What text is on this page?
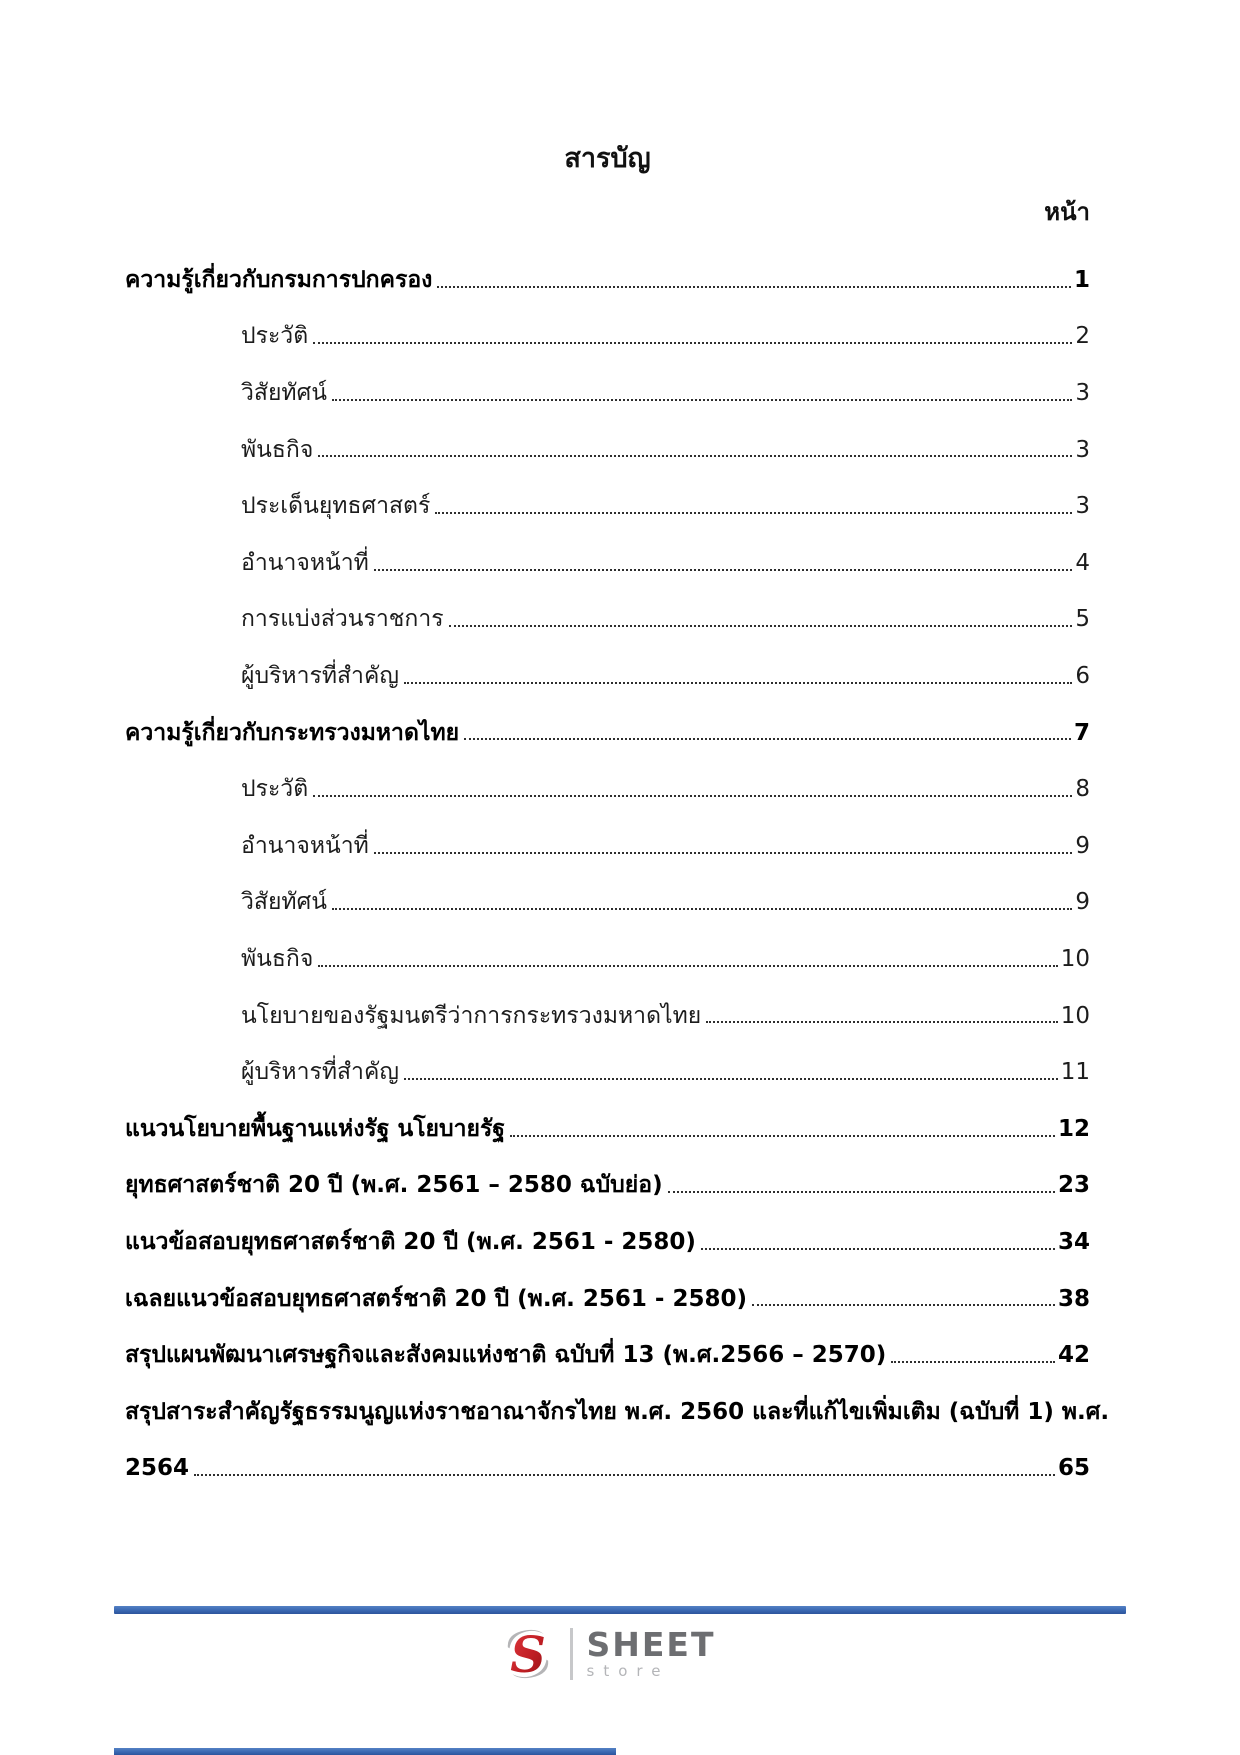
สารบัญ
หน้า
ความรู้เกี่ยวกับกรมการปกครอง	1
ประวัติ	2
วิสัยทัศน์	3
พันธกิจ	3
ประเด็นยุทธศาสตร์	3
อำนาจหน้าที่	4
การแบ่งส่วนราชการ	5
ผู้บริหารที่สำคัญ	6
ความรู้เกี่ยวกับกระทรวงมหาดไทย	7
ประวัติ	8
อำนาจหน้าที่	9
วิสัยทัศน์	9
พันธกิจ	10
นโยบายของรัฐมนตรีว่าการกระทรวงมหาดไทย	10
ผู้บริหารที่สำคัญ	11
แนวนโยบายพื้นฐานแห่งรัฐ นโยบายรัฐ	12
ยุทธศาสตร์ชาติ 20 ปี (พ.ศ. 2561 – 2580 ฉบับย่อ)	23
แนวข้อสอบยุทธศาสตร์ชาติ 20 ปี (พ.ศ. 2561 - 2580)	34
เฉลยแนวข้อสอบยุทธศาสตร์ชาติ 20 ปี (พ.ศ. 2561 - 2580)	38
สรุปแผนพัฒนาเศรษฐกิจและสังคมแห่งชาติ ฉบับที่ 13 (พ.ศ.2566 – 2570)	42
สรุปสาระสำคัญรัฐธรรมนูญแห่งราชอาณาจักรไทย พ.ศ. 2560 และที่แก้ไขเพิ่มเติม (ฉบับที่ 1) พ.ศ.
2564	65
S SHEET
store
